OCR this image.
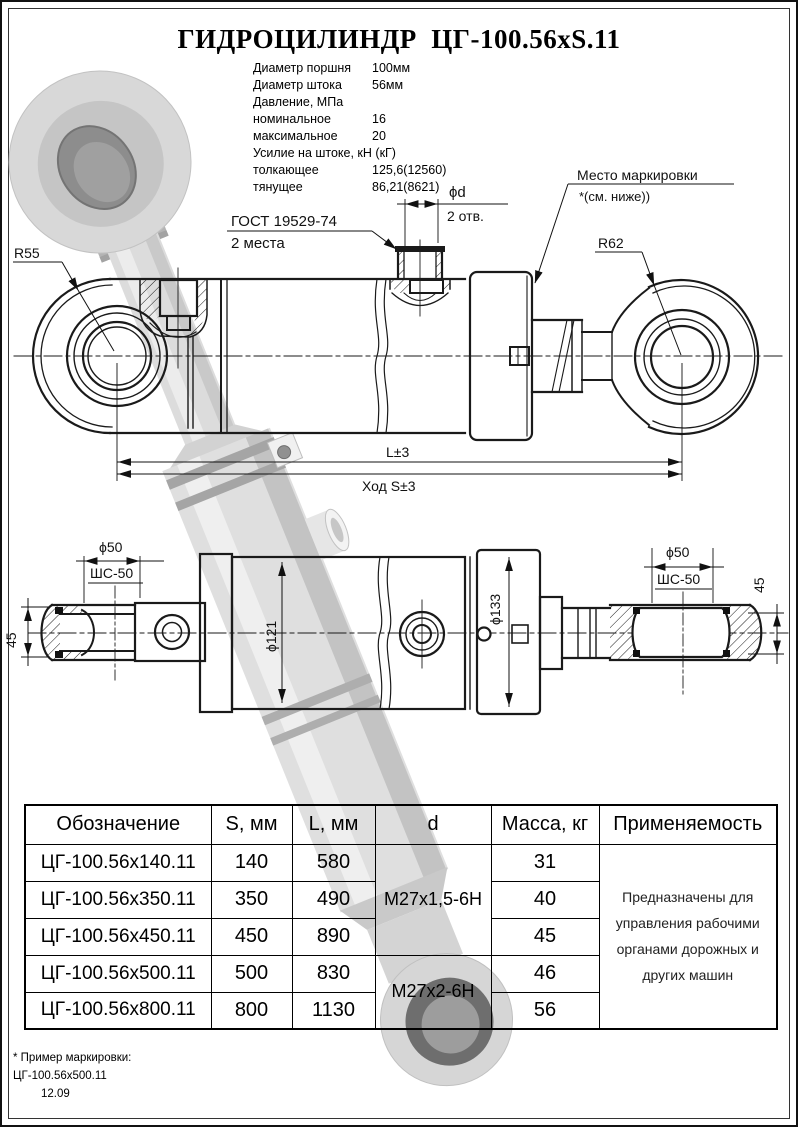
R55
ГОСТ 19529-74
2 места
ϕd
2 отв.
Место маркировки
*(см. ниже))
R62
L±3
Ход S±3
ϕ50
ШС-50
45	ϕ121
ϕ133
ϕ50
ШС-50	45
ГИДРОЦИЛИНДР  ЦГ-100.56хS.11
Диаметр поршня	100мм
Диаметр штока	56мм
Давление, МПа
номинальное	16
максимальное	20
Усилие на штоке, кН (кГ)
толкающее	125,6(12560)
тянущее	86,21(8621)
Обозначение	S, мм	L, мм	d	Масса, кг	Применяемость
ЦГ-100.56х140.11	140	580	М27х1,5-6Н	31	Предназначены для управления рабочими органами дорожных и других машин
ЦГ-100.56х350.11	350	490		40	
ЦГ-100.56х450.11	450	890		45	
ЦГ-100.56х500.11	500	830	М27х2-6Н	46	
ЦГ-100.56х800.11	800	1130		56	
* Пример маркировки:
ЦГ-100.56х500.11
12.09
